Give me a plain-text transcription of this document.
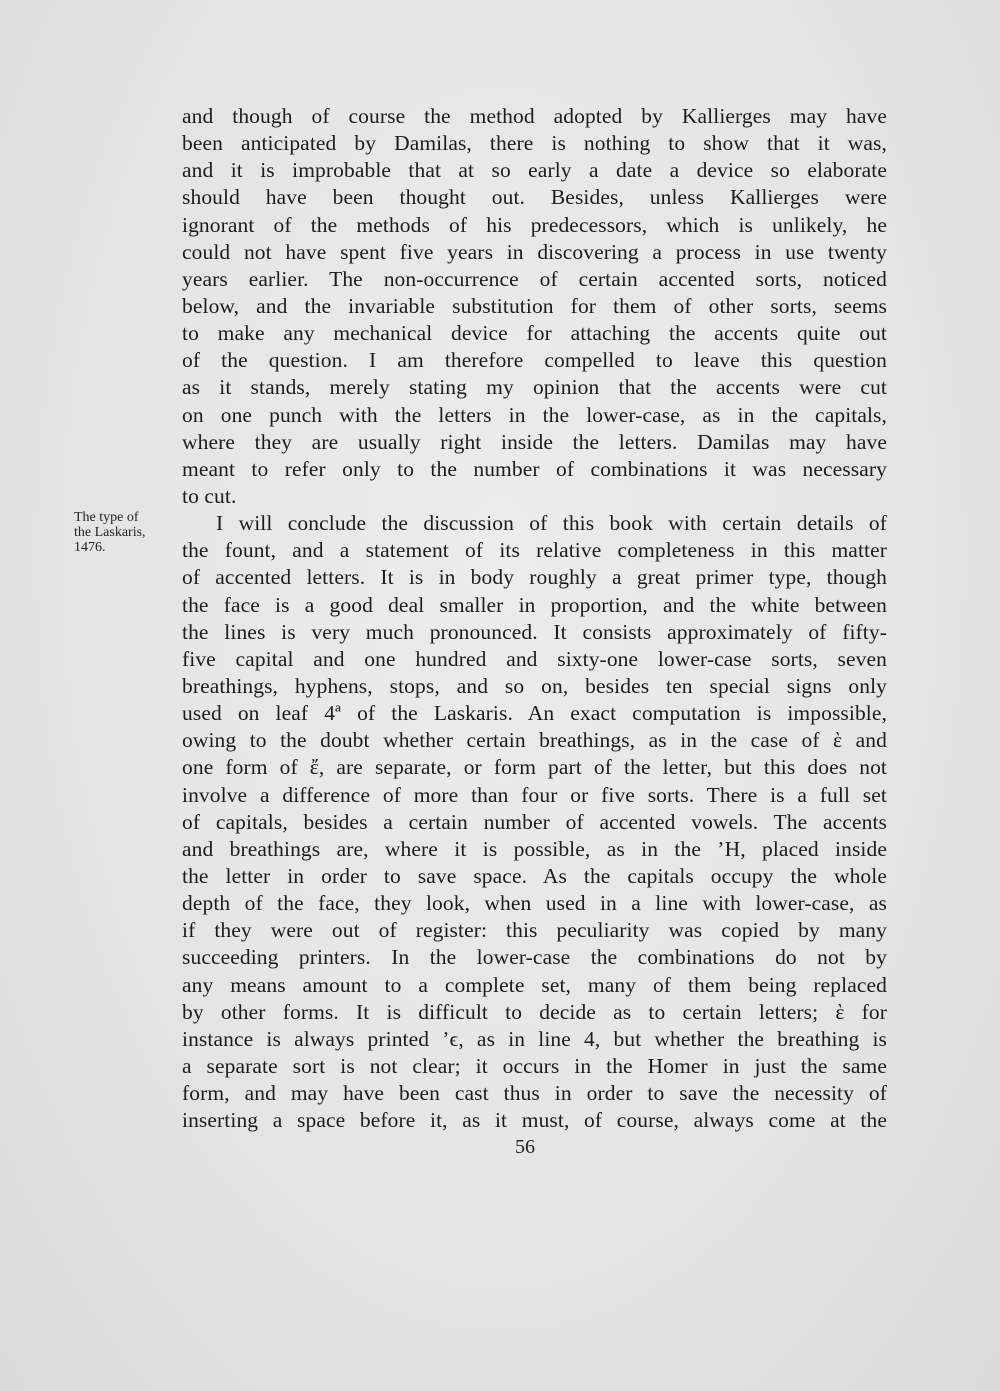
The type of
the Laskaris,
1476.
and though of course the method adopted by Kallierges may have
been anticipated by Damilas, there is nothing to show that it was,
and it is improbable that at so early a date a device so elaborate
should have been thought out. Besides, unless Kallierges were
ignorant of the methods of his predecessors, which is unlikely, he
could not have spent five years in discovering a process in use twenty
years earlier. The non-occurrence of certain accented sorts, noticed
below, and the invariable substitution for them of other sorts, seems
to make any mechanical device for attaching the accents quite out
of the question. I am therefore compelled to leave this question
as it stands, merely stating my opinion that the accents were cut
on one punch with the letters in the lower-case, as in the capitals,
where they are usually right inside the letters. Damilas may have
meant to refer only to the number of combinations it was necessary
to cut.
I will conclude the discussion of this book with certain details of
the fount, and a statement of its relative completeness in this matter
of accented letters. It is in body roughly a great primer type, though
the face is a good deal smaller in proportion, and the white between
the lines is very much pronounced. It consists approximately of fifty-
five capital and one hundred and sixty-one lower-case sorts, seven
breathings, hyphens, stops, and so on, besides ten special signs only
used on leaf 4ª of the Laskaris. An exact computation is impossible,
owing to the doubt whether certain breathings, as in the case of ὲ and
one form of ἔ, are separate, or form part of the letter, but this does not
involve a difference of more than four or five sorts. There is a full set
of capitals, besides a certain number of accented vowels. The accents
and breathings are, where it is possible, as in the ’H, placed inside
the letter in order to save space. As the capitals occupy the whole
depth of the face, they look, when used in a line with lower-case, as
if they were out of register: this peculiarity was copied by many
succeeding printers. In the lower-case the combinations do not by
any means amount to a complete set, many of them being replaced
by other forms. It is difficult to decide as to certain letters; ὲ for
instance is always printed ’ϵ, as in line 4, but whether the breathing is
a separate sort is not clear; it occurs in the Homer in just the same
form, and may have been cast thus in order to save the necessity of
inserting a space before it, as it must, of course, always come at the
56
